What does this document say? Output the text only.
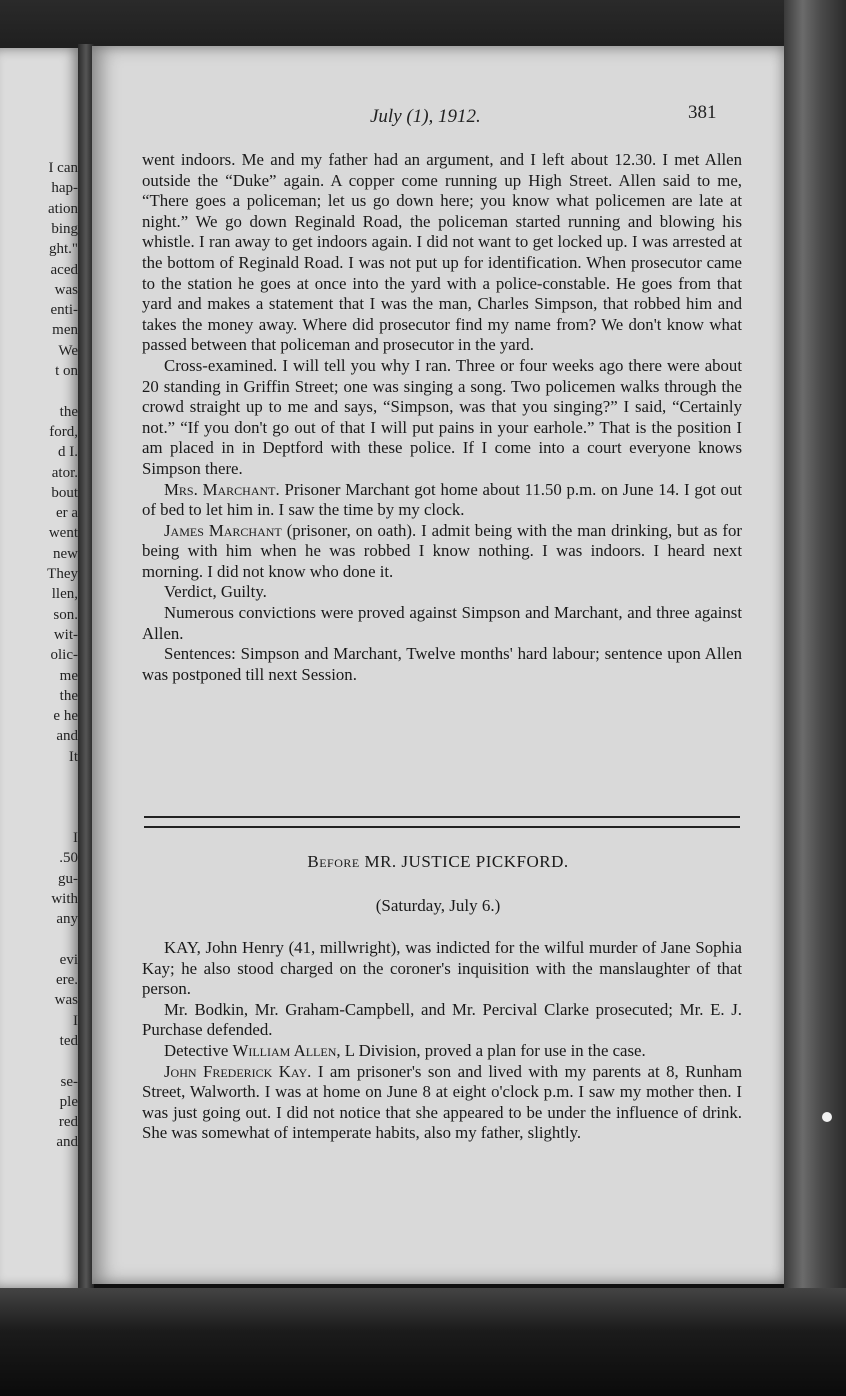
I can
hap-
ation
bing
ght."
aced
was
enti-
men
We
t on
the
ford,
d I.
ator.
bout
er a
went
new
They
llen,
son.
wit-
olic-
me
the
e he
and
It
I
.50
gu-
with
any
evi
ere.
was
I
ted
se-
ple
red
and
July (1), 1912.	381

went indoors. Me and my father had an argument, and I left about 12.30. I met Allen outside the “Duke” again. A copper come running up High Street. Allen said to me, “There goes a policeman; let us go down here; you know what policemen are late at night.” We go down Reginald Road, the policeman started running and blowing his whistle. I ran away to get indoors again. I did not want to get locked up. I was arrested at the bottom of Reginald Road. I was not put up for identification. When prosecutor came to the station he goes at once into the yard with a police-constable. He goes from that yard and makes a statement that I was the man, Charles Simpson, that robbed him and takes the money away. Where did prosecutor find my name from? We don't know what passed between that policeman and prosecutor in the yard.

Cross-examined. I will tell you why I ran. Three or four weeks ago there were about 20 standing in Griffin Street; one was singing a song. Two policemen walks through the crowd straight up to me and says, “Simpson, was that you singing?” I said, “Certainly not.” “If you don't go out of that I will put pains in your earhole.” That is the position I am placed in in Deptford with these police. If I come into a court everyone knows Simpson there.

Mrs. Marchant. Prisoner Marchant got home about 11.50 p.m. on June 14. I got out of bed to let him in. I saw the time by my clock.

James Marchant (prisoner, on oath). I admit being with the man drinking, but as for being with him when he was robbed I know nothing. I was indoors. I heard next morning. I did not know who done it.

Verdict, Guilty.

Numerous convictions were proved against Simpson and Marchant, and three against Allen.

Sentences: Simpson and Marchant, Twelve months' hard labour; sentence upon Allen was postponed till next Session.

Before MR. JUSTICE PICKFORD.
(Saturday, July 6.)

KAY, John Henry (41, millwright), was indicted for the wilful murder of Jane Sophia Kay; he also stood charged on the coroner's inquisition with the manslaughter of that person.

Mr. Bodkin, Mr. Graham-Campbell, and Mr. Percival Clarke prosecuted; Mr. E. J. Purchase defended.

Detective William Allen, L Division, proved a plan for use in the case.

John Frederick Kay. I am prisoner's son and lived with my parents at 8, Runham Street, Walworth. I was at home on June 8 at eight o'clock p.m. I saw my mother then. I was just going out. I did not notice that she appeared to be under the influence of drink. She was somewhat of intemperate habits, also my father, slightly.
